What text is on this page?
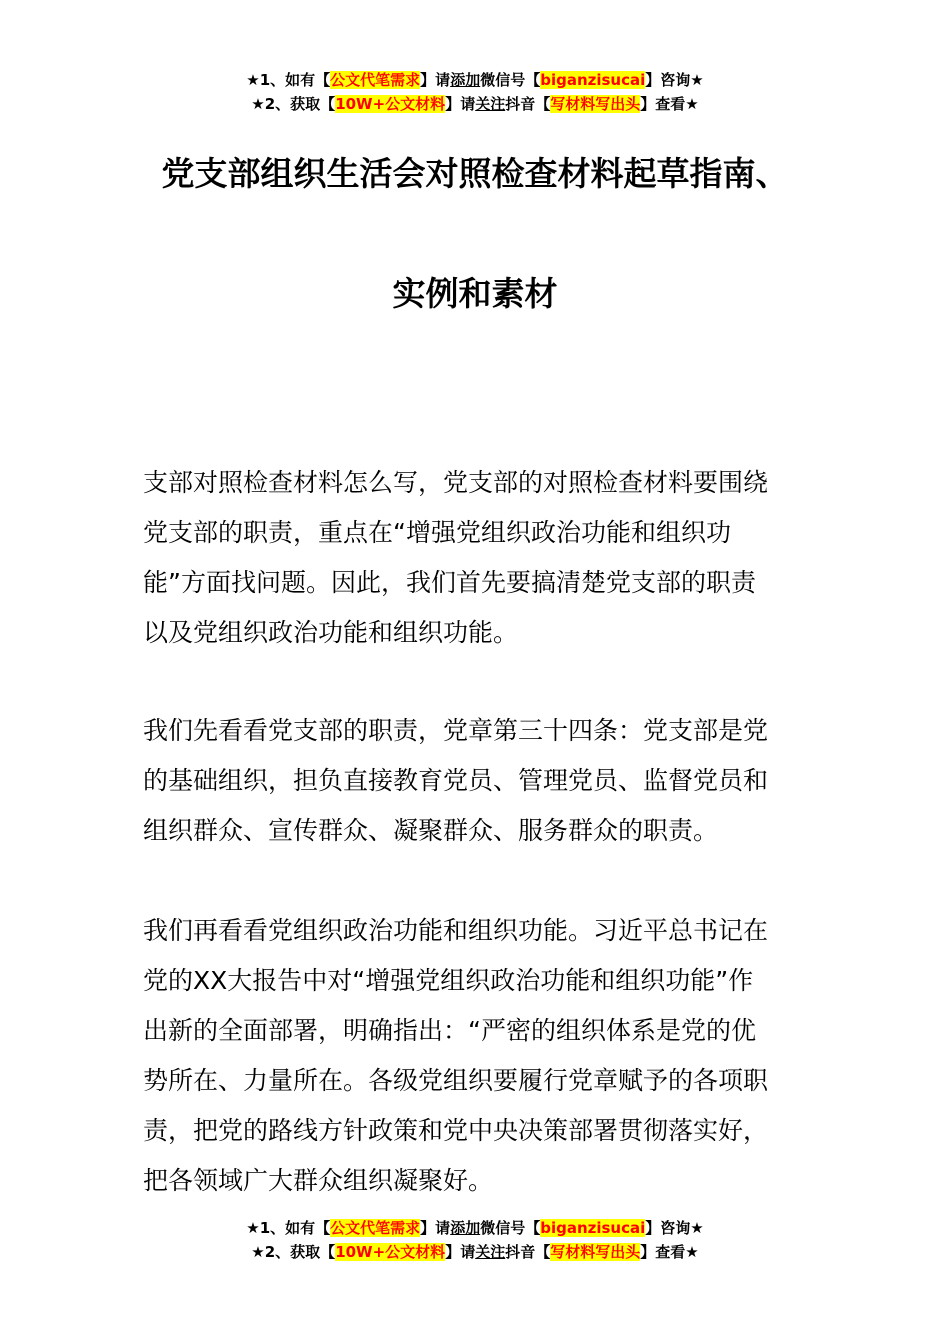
★1、如有【公文代笔需求】请添加微信号【biganzisucai】咨询★
★2、获取【10W+公文材料】请关注抖音【写材料写出头】查看★
党支部组织生活会对照检查材料起草指南、
实例和素材
支部对照检查材料怎么写，党支部的对照检查材料要围绕
党支部的职责，重点在“增强党组织政治功能和组织功
能”方面找问题。因此，我们首先要搞清楚党支部的职责
以及党组织政治功能和组织功能。
我们先看看党支部的职责，党章第三十四条：党支部是党
的基础组织，担负直接教育党员、管理党员、监督党员和
组织群众、宣传群众、凝聚群众、服务群众的职责。
我们再看看党组织政治功能和组织功能。习近平总书记在
党的XX大报告中对“增强党组织政治功能和组织功能”作
出新的全面部署，明确指出：“严密的组织体系是党的优
势所在、力量所在。各级党组织要履行党章赋予的各项职
责，把党的路线方针政策和党中央决策部署贯彻落实好，
把各领域广大群众组织凝聚好。
★1、如有【公文代笔需求】请添加微信号【biganzisucai】咨询★
★2、获取【10W+公文材料】请关注抖音【写材料写出头】查看★
